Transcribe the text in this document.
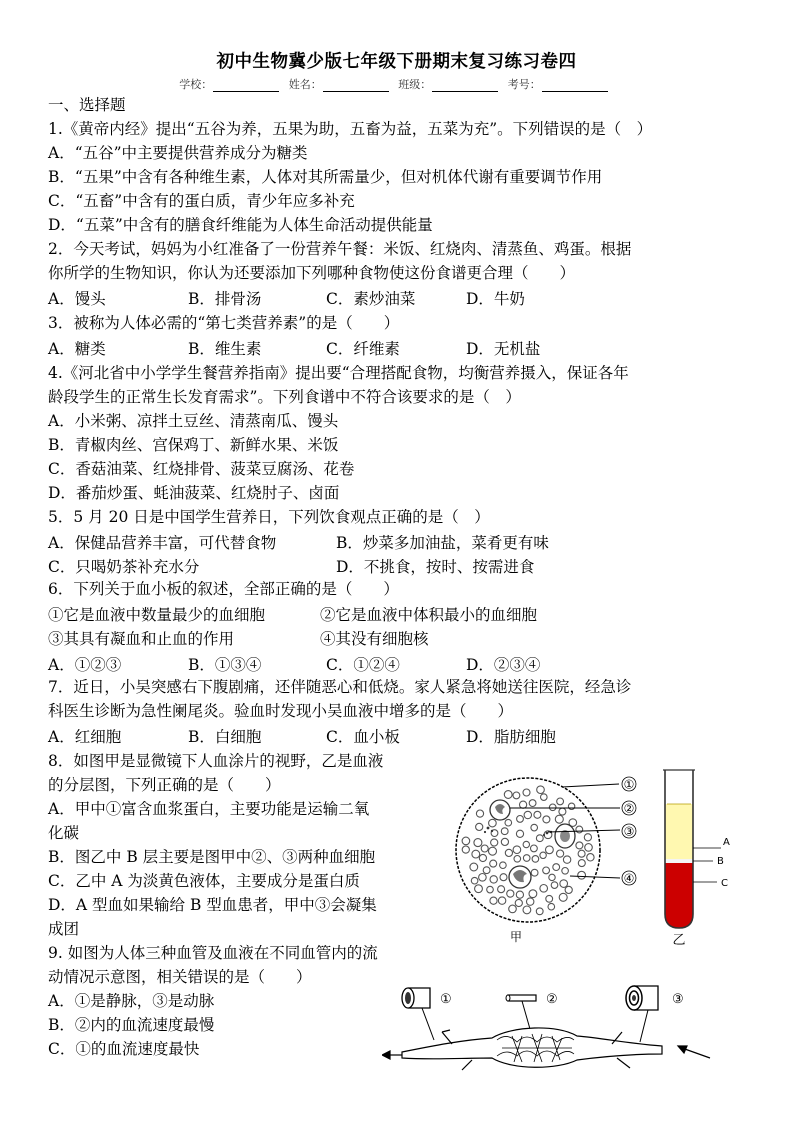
初中生物冀少版七年级下册期末复习练习卷四
学校：	姓名：	班级：	考号：
一、选择题
1.《黄帝内经》提出“五谷为养，五果为助，五畜为益，五菜为充”。下列错误的是（　）
A．“五谷”中主要提供营养成分为糖类
B．“五果”中含有各种维生素，人体对其所需量少，但对机体代谢有重要调节作用
C．“五畜”中含有的蛋白质，青少年应多补充
D．“五菜”中含有的膳食纤维能为人体生命活动提供能量
2．今天考试，妈妈为小红准备了一份营养午餐：米饭、红烧肉、清蒸鱼、鸡蛋。根据
你所学的生物知识，你认为还要添加下列哪种食物使这份食谱更合理（　　）
A．馒头	B．排骨汤	C．素炒油菜	D．牛奶
3．被称为人体必需的“第七类营养素”的是（　　）
A．糖类	B．维生素	C．纤维素	D．无机盐
4.《河北省中小学学生餐营养指南》提出要“合理搭配食物，均衡营养摄入，保证各年
龄段学生的正常生长发育需求”。下列食谱中不符合该要求的是（　）
A．小米粥、凉拌土豆丝、清蒸南瓜、馒头
B．青椒肉丝、宫保鸡丁、新鲜水果、米饭
C．香菇油菜、红烧排骨、菠菜豆腐汤、花卷
D．番茄炒蛋、蚝油菠菜、红烧肘子、卤面
5．5 月 20 日是中国学生营养日，下列饮食观点正确的是（　）
A．保健品营养丰富，可代替食物	B．炒菜多加油盐，菜肴更有味
C．只喝奶茶补充水分	D．不挑食，按时、按需进食
6．下列关于血小板的叙述，全部正确的是（　　）
①它是血液中数量最少的血细胞	②它是血液中体积最小的血细胞
③其具有凝血和止血的作用	④其没有细胞核
A．①②③	B．①③④	C．①②④	D．②③④
7．近日，小吴突感右下腹剧痛，还伴随恶心和低烧。家人紧急将她送往医院，经急诊
科医生诊断为急性阑尾炎。验血时发现小吴血液中增多的是（　　）
A．红细胞	B．白细胞	C．血小板	D．脂肪细胞
8．如图甲是显微镜下人血涂片的视野，乙是血液
的分层图，下列正确的是（　　）
A．甲中①富含血浆蛋白，主要功能是运输二氧
化碳
B．图乙中 B 层主要是图甲中②、③两种血细胞
C．乙中 A 为淡黄色液体，主要成分是蛋白质
D．A 型血如果输给 B 型血患者，甲中③会凝集
成团
9. 如图为人体三种血管及血液在不同血管内的流
动情况示意图，相关错误的是（　　）
A．①是静脉，③是动脉
B．②内的血流速度最慢
C．①的血流速度最快
①
②
③
④
甲
A
B
C
乙
①	②	③
